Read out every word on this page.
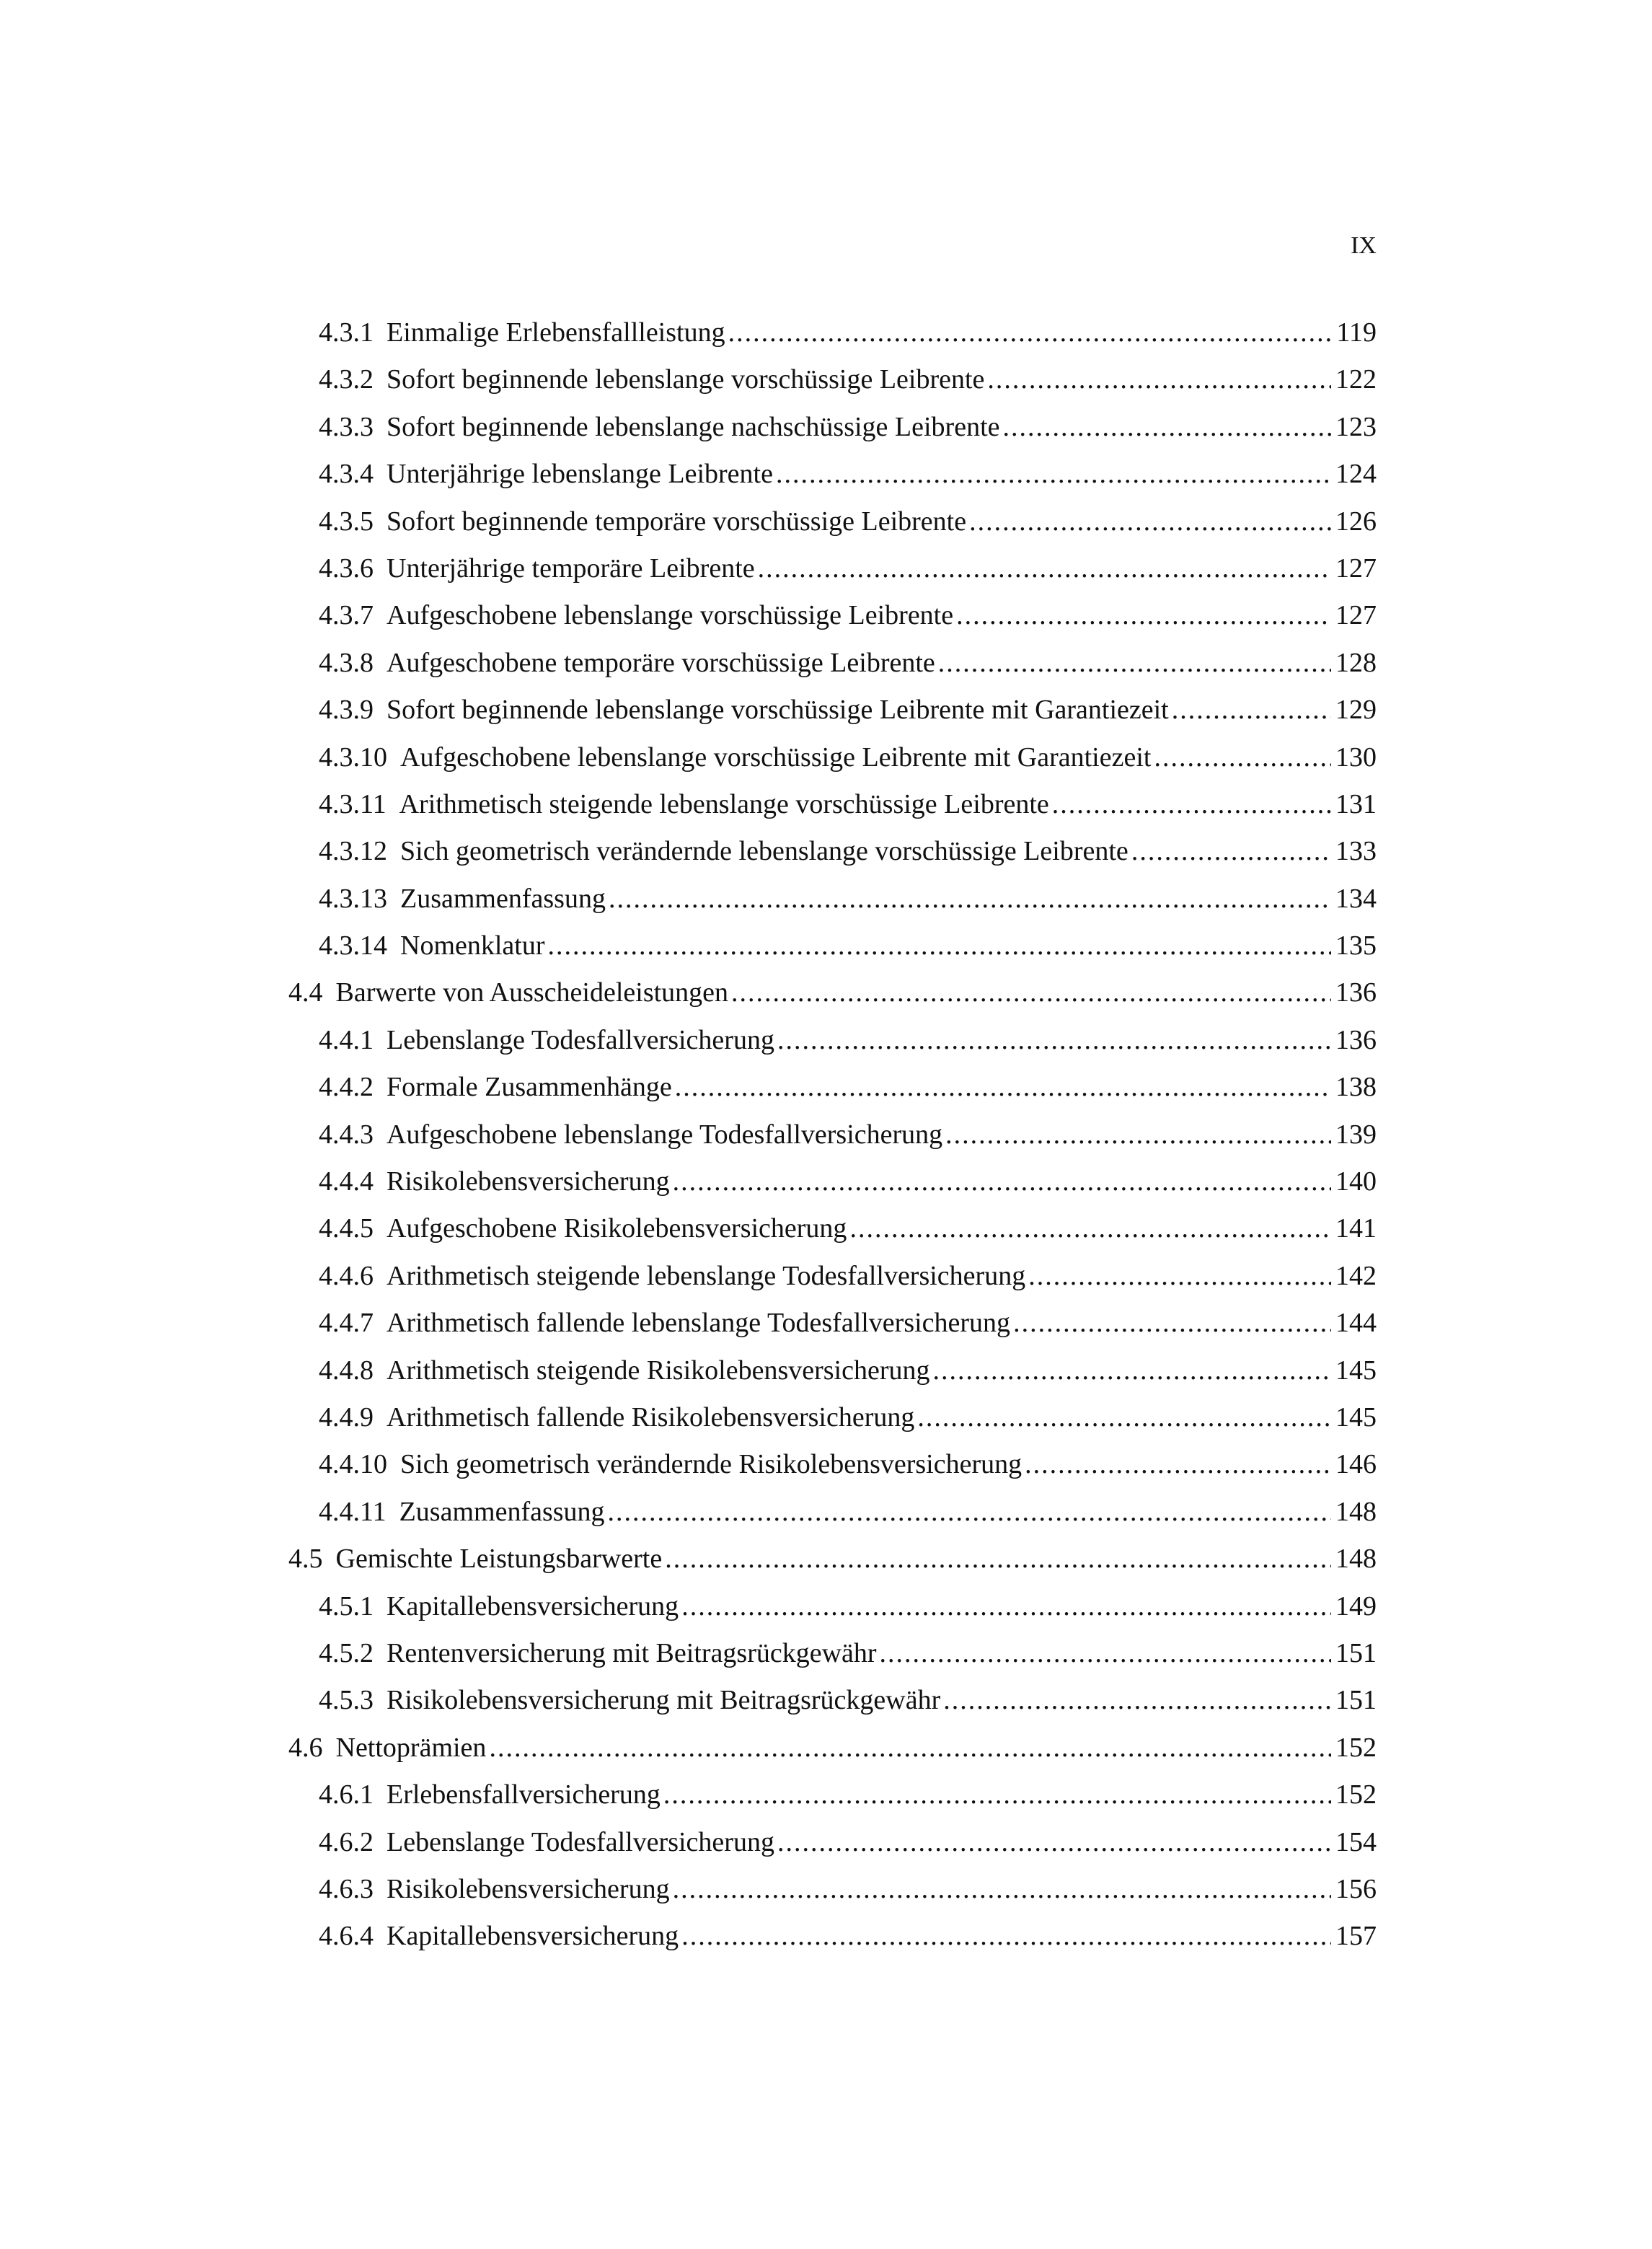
IX
4.3.1 Einmalige Erlebensfallleistung .....	119
4.3.2 Sofort beginnende lebenslange vorschüssige Leibrente .....	122
4.3.3 Sofort beginnende lebenslange nachschüssige Leibrente .....	123
4.3.4 Unterjährige lebenslange Leibrente .....	124
4.3.5 Sofort beginnende temporäre vorschüssige Leibrente .....	126
4.3.6 Unterjährige temporäre Leibrente .....	127
4.3.7 Aufgeschobene lebenslange vorschüssige Leibrente .....	127
4.3.8 Aufgeschobene temporäre vorschüssige Leibrente .....	128
4.3.9 Sofort beginnende lebenslange vorschüssige Leibrente mit Garantiezeit .....	129
4.3.10 Aufgeschobene lebenslange vorschüssige Leibrente mit Garantiezeit .....	130
4.3.11 Arithmetisch steigende lebenslange vorschüssige Leibrente .....	131
4.3.12 Sich geometrisch verändernde lebenslange vorschüssige Leibrente .....	133
4.3.13 Zusammenfassung .....	134
4.3.14 Nomenklatur .....	135
4.4 Barwerte von Ausscheideleistungen .....	136
4.4.1 Lebenslange Todesfallversicherung .....	136
4.4.2 Formale Zusammenhänge .....	138
4.4.3 Aufgeschobene lebenslange Todesfallversicherung .....	139
4.4.4 Risikolebensversicherung .....	140
4.4.5 Aufgeschobene Risikolebensversicherung .....	141
4.4.6 Arithmetisch steigende lebenslange Todesfallversicherung .....	142
4.4.7 Arithmetisch fallende lebenslange Todesfallversicherung .....	144
4.4.8 Arithmetisch steigende Risikolebensversicherung .....	145
4.4.9 Arithmetisch fallende Risikolebensversicherung .....	145
4.4.10 Sich geometrisch verändernde Risikolebensversicherung .....	146
4.4.11 Zusammenfassung .....	148
4.5 Gemischte Leistungsbarwerte .....	148
4.5.1 Kapitallebensversicherung .....	149
4.5.2 Rentenversicherung mit Beitragsrückgewähr .....	151
4.5.3 Risikolebensversicherung mit Beitragsrückgewähr .....	151
4.6 Nettoprämien .....	152
4.6.1 Erlebensfallversicherung .....	152
4.6.2 Lebenslange Todesfallversicherung .....	154
4.6.3 Risikolebensversicherung .....	156
4.6.4 Kapitallebensversicherung .....	157
